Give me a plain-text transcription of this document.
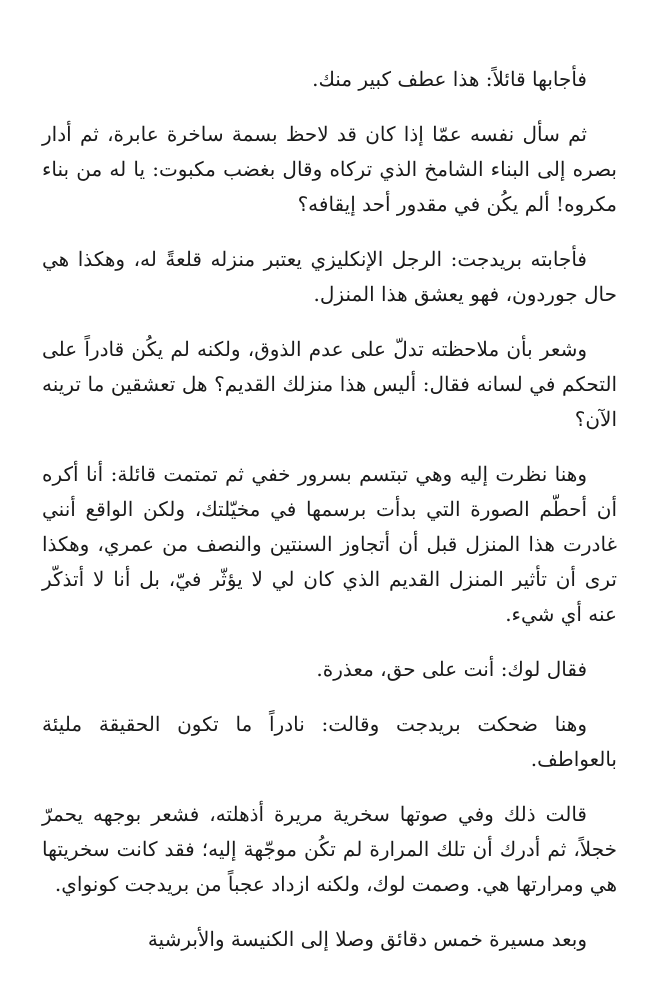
فأجابها قائلاً: هذا عطف كبير منك.

ثم سأل نفسه عمّا إذا كان قد لاحظ بسمة ساخرة عابرة، ثم أدار بصره إلى البناء الشامخ الذي تركاه وقال بغضب مكبوت: يا له من بناء مكروه! ألم يكُن في مقدور أحد إيقافه؟

فأجابته بريدجت: الرجل الإنكليزي يعتبر منزله قلعةً له، وهكذا هي حال جوردون، فهو يعشق هذا المنزل.

وشعر بأن ملاحظته تدلّ على عدم الذوق، ولكنه لم يكُن قادراً على التحكم في لسانه فقال: أليس هذا منزلك القديم؟ هل تعشقين ما ترينه الآن؟

وهنا نظرت إليه وهي تبتسم بسرور خفي ثم تمتمت قائلة: أنا أكره أن أحطّم الصورة التي بدأت برسمها في مخيّلتك، ولكن الواقع أنني غادرت هذا المنزل قبل أن أتجاوز السنتين والنصف من عمري، وهكذا ترى أن تأثير المنزل القديم الذي كان لي لا يؤثّر فيّ، بل أنا لا أتذكّر عنه أي شيء.

فقال لوك: أنت على حق، معذرة.

وهنا ضحكت بريدجت وقالت: نادراً ما تكون الحقيقة مليئة بالعواطف.

قالت ذلك وفي صوتها سخرية مريرة أذهلته، فشعر بوجهه يحمرّ خجلاً، ثم أدرك أن تلك المرارة لم تكُن موجّهة إليه؛ فقد كانت سخريتها هي ومرارتها هي. وصمت لوك، ولكنه ازداد عجباً من بريدجت كونواي.

وبعد مسيرة خمس دقائق وصلا إلى الكنيسة والأبرشية
